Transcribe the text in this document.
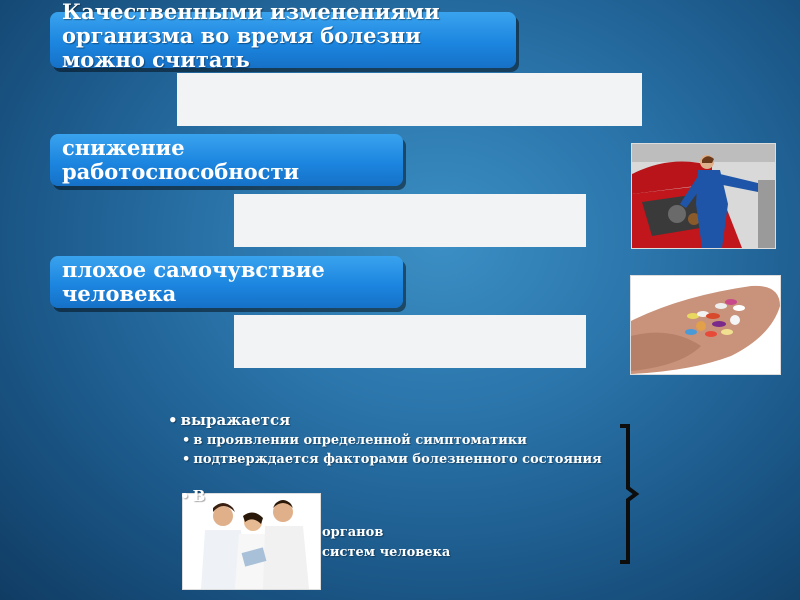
Качественными изменениями
организма во время болезни
можно считать
снижение
работоспособности
плохое самочувствие
человека
• выражается
• в проявлении определенной симптоматики
• подтверждается факторами болезненного состояния
• В
органов
систем человека
